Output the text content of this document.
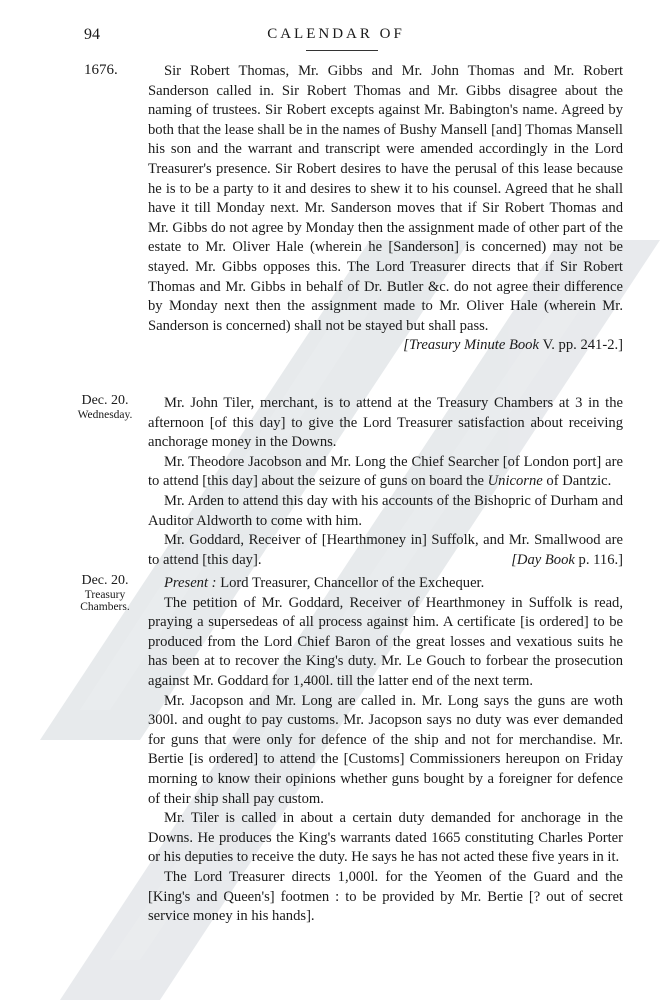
94	CALENDAR OF
1676.	Sir Robert Thomas, Mr. Gibbs and Mr. John Thomas and Mr. Robert Sanderson called in. Sir Robert Thomas and Mr. Gibbs disagree about the naming of trustees. Sir Robert excepts against Mr. Babington's name. Agreed by both that the lease shall be in the names of Bushy Mansell [and] Thomas Mansell his son and the warrant and transcript were amended accordingly in the Lord Treasurer's presence. Sir Robert desires to have the perusal of this lease because he is to be a party to it and desires to shew it to his counsel. Agreed that he shall have it till Monday next. Mr. Sanderson moves that if Sir Robert Thomas and Mr. Gibbs do not agree by Monday then the assignment made of other part of the estate to Mr. Oliver Hale (wherein he [Sanderson] is concerned) may not be stayed. Mr. Gibbs opposes this. The Lord Treasurer directs that if Sir Robert Thomas and Mr. Gibbs in behalf of Dr. Butler &c. do not agree their difference by Monday next then the assignment made to Mr. Oliver Hale (wherein Mr. Sanderson is concerned) shall not be stayed but shall pass.

[Treasury Minute Book V. pp. 241-2.]
Dec. 20.
Wednesday.

Mr. John Tiler, merchant, is to attend at the Treasury Chambers at 3 in the afternoon [of this day] to give the Lord Treasurer satisfaction about receiving anchorage money in the Downs.

Mr. Theodore Jacobson and Mr. Long the Chief Searcher [of London port] are to attend [this day] about the seizure of guns on board the Unicorne of Dantzic.

Mr. Arden to attend this day with his accounts of the Bishopric of Durham and Auditor Aldworth to come with him.

Mr. Goddard, Receiver of [Hearthmoney in] Suffolk, and Mr. Smallwood are to attend [this day].	[Day Book p. 116.]

Dec. 20.
Treasury Chambers.

Present : Lord Treasurer, Chancellor of the Exchequer.

The petition of Mr. Goddard, Receiver of Hearthmoney in Suffolk is read, praying a supersedeas of all process against him. A certificate [is ordered] to be produced from the Lord Chief Baron of the great losses and vexatious suits he has been at to recover the King's duty. Mr. Le Gouch to forbear the prosecution against Mr. Goddard for 1,400l. till the latter end of the next term.

Mr. Jacopson and Mr. Long are called in. Mr. Long says the guns are woth 300l. and ought to pay customs. Mr. Jacopson says no duty was ever demanded for guns that were only for defence of the ship and not for merchandise. Mr. Bertie [is ordered] to attend the [Customs] Commissioners hereupon on Friday morning to know their opinions whether guns bought by a foreigner for defence of their ship shall pay custom.

Mr. Tiler is called in about a certain duty demanded for anchorage in the Downs. He produces the King's warrants dated 1665 constituting Charles Porter or his deputies to receive the duty. He says he has not acted these five years in it.

The Lord Treasurer directs 1,000l. for the Yeomen of the Guard and the [King's and Queen's] footmen : to be provided by Mr. Bertie [? out of secret service money in his hands].
